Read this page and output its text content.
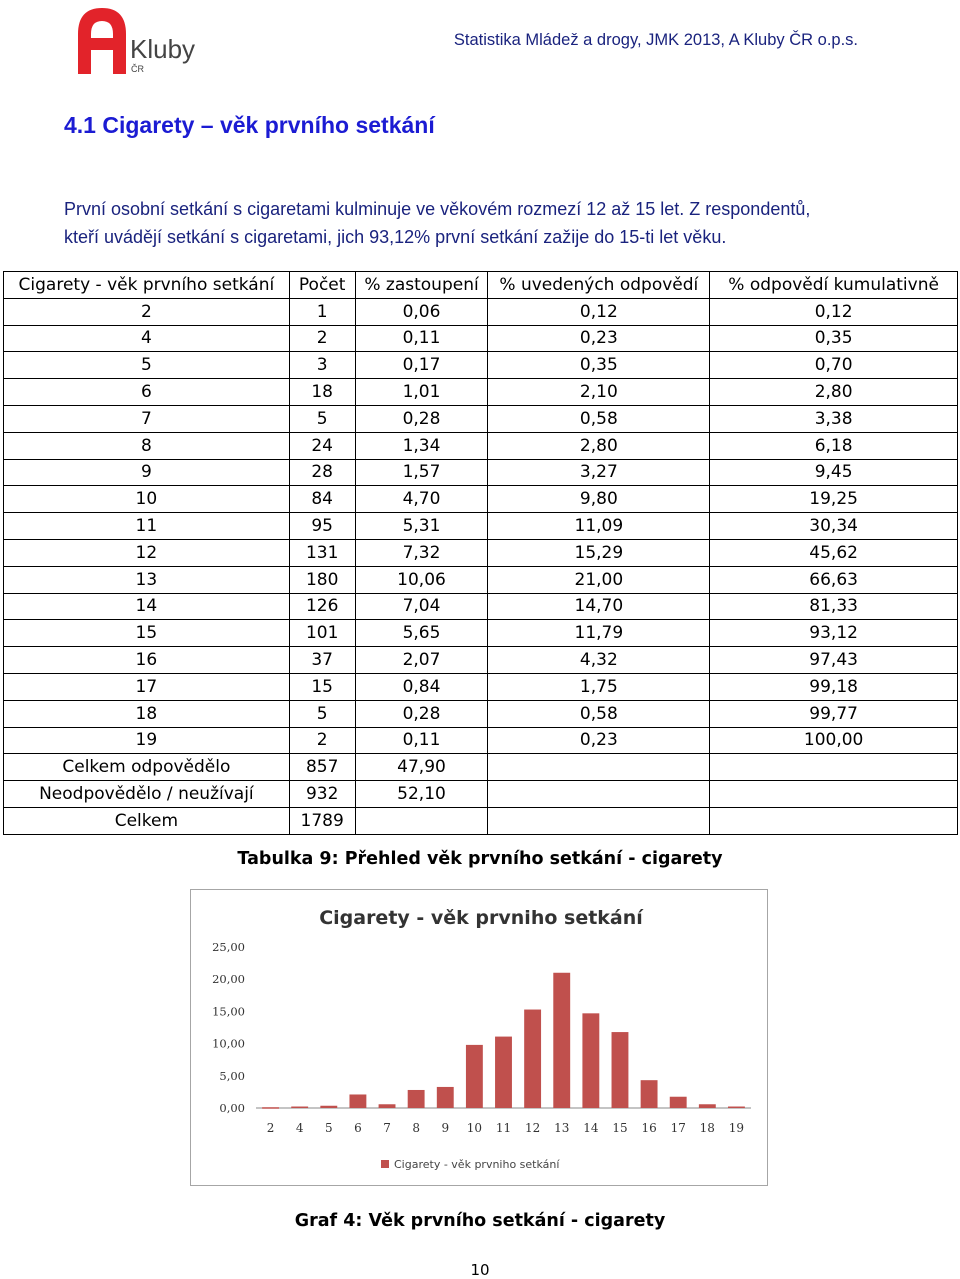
Kluby
ČR
Statistika Mládež a drogy, JMK 2013, A Kluby ČR o.p.s.
4.1 Cigarety – věk prvního setkání

První osobní setkání s cigaretami kulminuje ve věkovém rozmezí 12 až 15 let. Z respondentů,

kteří uvádějí setkání s cigaretami, jich 93,12% první setkání zažije do 15-ti let věku.

Cigarety - věk prvního setkání	Počet	% zastoupení	% uvedených odpovědí	% odpovědí kumulativně
2	1	0,06	0,12	0,12
4	2	0,11	0,23	0,35
5	3	0,17	0,35	0,70
6	18	1,01	2,10	2,80
7	5	0,28	0,58	3,38
8	24	1,34	2,80	6,18
9	28	1,57	3,27	9,45
10	84	4,70	9,80	19,25
11	95	5,31	11,09	30,34
12	131	7,32	15,29	45,62
13	180	10,06	21,00	66,63
14	126	7,04	14,70	81,33
15	101	5,65	11,79	93,12
16	37	2,07	4,32	97,43
17	15	0,84	1,75	99,18
18	5	0,28	0,58	99,77
19	2	0,11	0,23	100,00
Celkem odpovědělo	857	47,90		
Neodpovědělo / neužívají	932	52,10		
Celkem	1789			
Tabulka 9: Přehled věk prvního setkání - cigarety
Cigarety - věk prvniho setkání
0,00
5,00
10,00
15,00
20,00
25,00
2 4 5 6 7 8 9 10 11 12 13 14 15 16 17 18 19
Cigarety - věk prvniho setkání
Graf 4: Věk prvního setkání - cigarety
10
